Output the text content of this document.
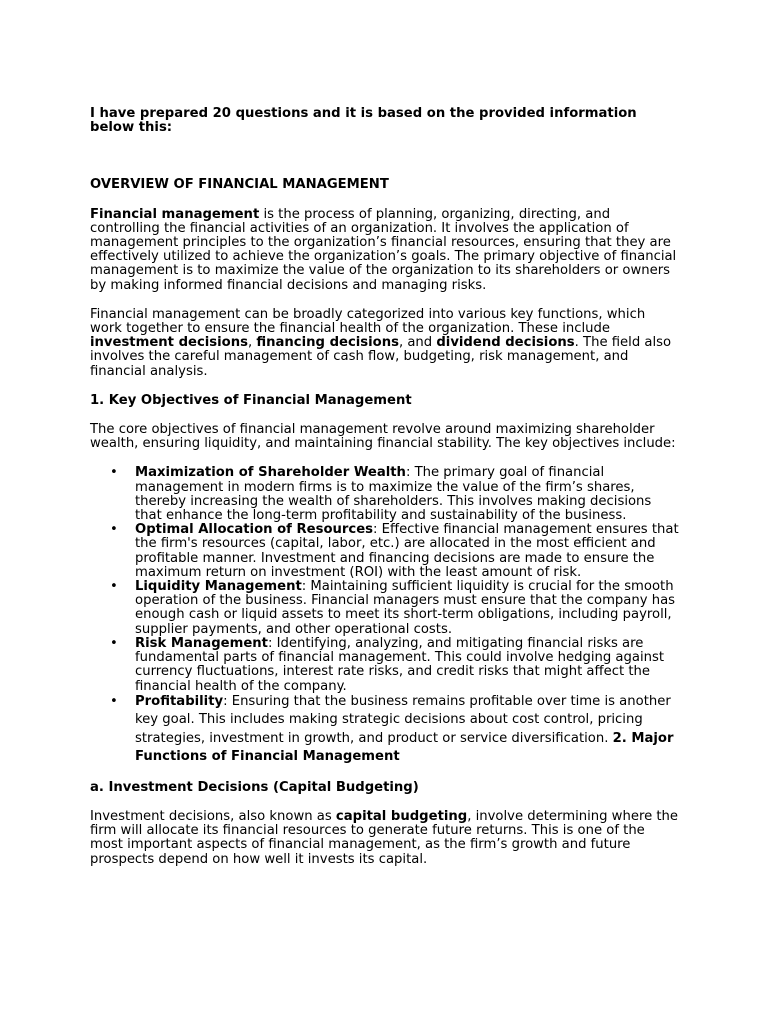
I have prepared 20 questions and it is based on the provided information below this:

OVERVIEW OF FINANCIAL MANAGEMENT

Financial management is the process of planning, organizing, directing, and controlling the financial activities of an organization. It involves the application of management principles to the organization’s financial resources, ensuring that they are effectively utilized to achieve the organization’s goals. The primary objective of financial management is to maximize the value of the organization to its shareholders or owners by making informed financial decisions and managing risks.

Financial management can be broadly categorized into various key functions, which work together to ensure the financial health of the organization. These include investment decisions, financing decisions, and dividend decisions. The field also involves the careful management of cash flow, budgeting, risk management, and financial analysis.

1. Key Objectives of Financial Management

The core objectives of financial management revolve around maximizing shareholder wealth, ensuring liquidity, and maintaining financial stability. The key objectives include:

• Maximization of Shareholder Wealth: The primary goal of financial management in modern firms is to maximize the value of the firm’s shares, thereby increasing the wealth of shareholders. This involves making decisions that enhance the long-term profitability and sustainability of the business.
• Optimal Allocation of Resources: Effective financial management ensures that the firm's resources (capital, labor, etc.) are allocated in the most efficient and profitable manner. Investment and financing decisions are made to ensure the maximum return on investment (ROI) with the least amount of risk.
• Liquidity Management: Maintaining sufficient liquidity is crucial for the smooth operation of the business. Financial managers must ensure that the company has enough cash or liquid assets to meet its short-term obligations, including payroll, supplier payments, and other operational costs.
• Risk Management: Identifying, analyzing, and mitigating financial risks are fundamental parts of financial management. This could involve hedging against currency fluctuations, interest rate risks, and credit risks that might affect the financial health of the company.
• Profitability: Ensuring that the business remains profitable over time is another key goal. This includes making strategic decisions about cost control, pricing strategies, investment in growth, and product or service diversification. 2. Major Functions of Financial Management

a. Investment Decisions (Capital Budgeting)

Investment decisions, also known as capital budgeting, involve determining where the firm will allocate its financial resources to generate future returns. This is one of the most important aspects of financial management, as the firm’s growth and future prospects depend on how well it invests its capital.
